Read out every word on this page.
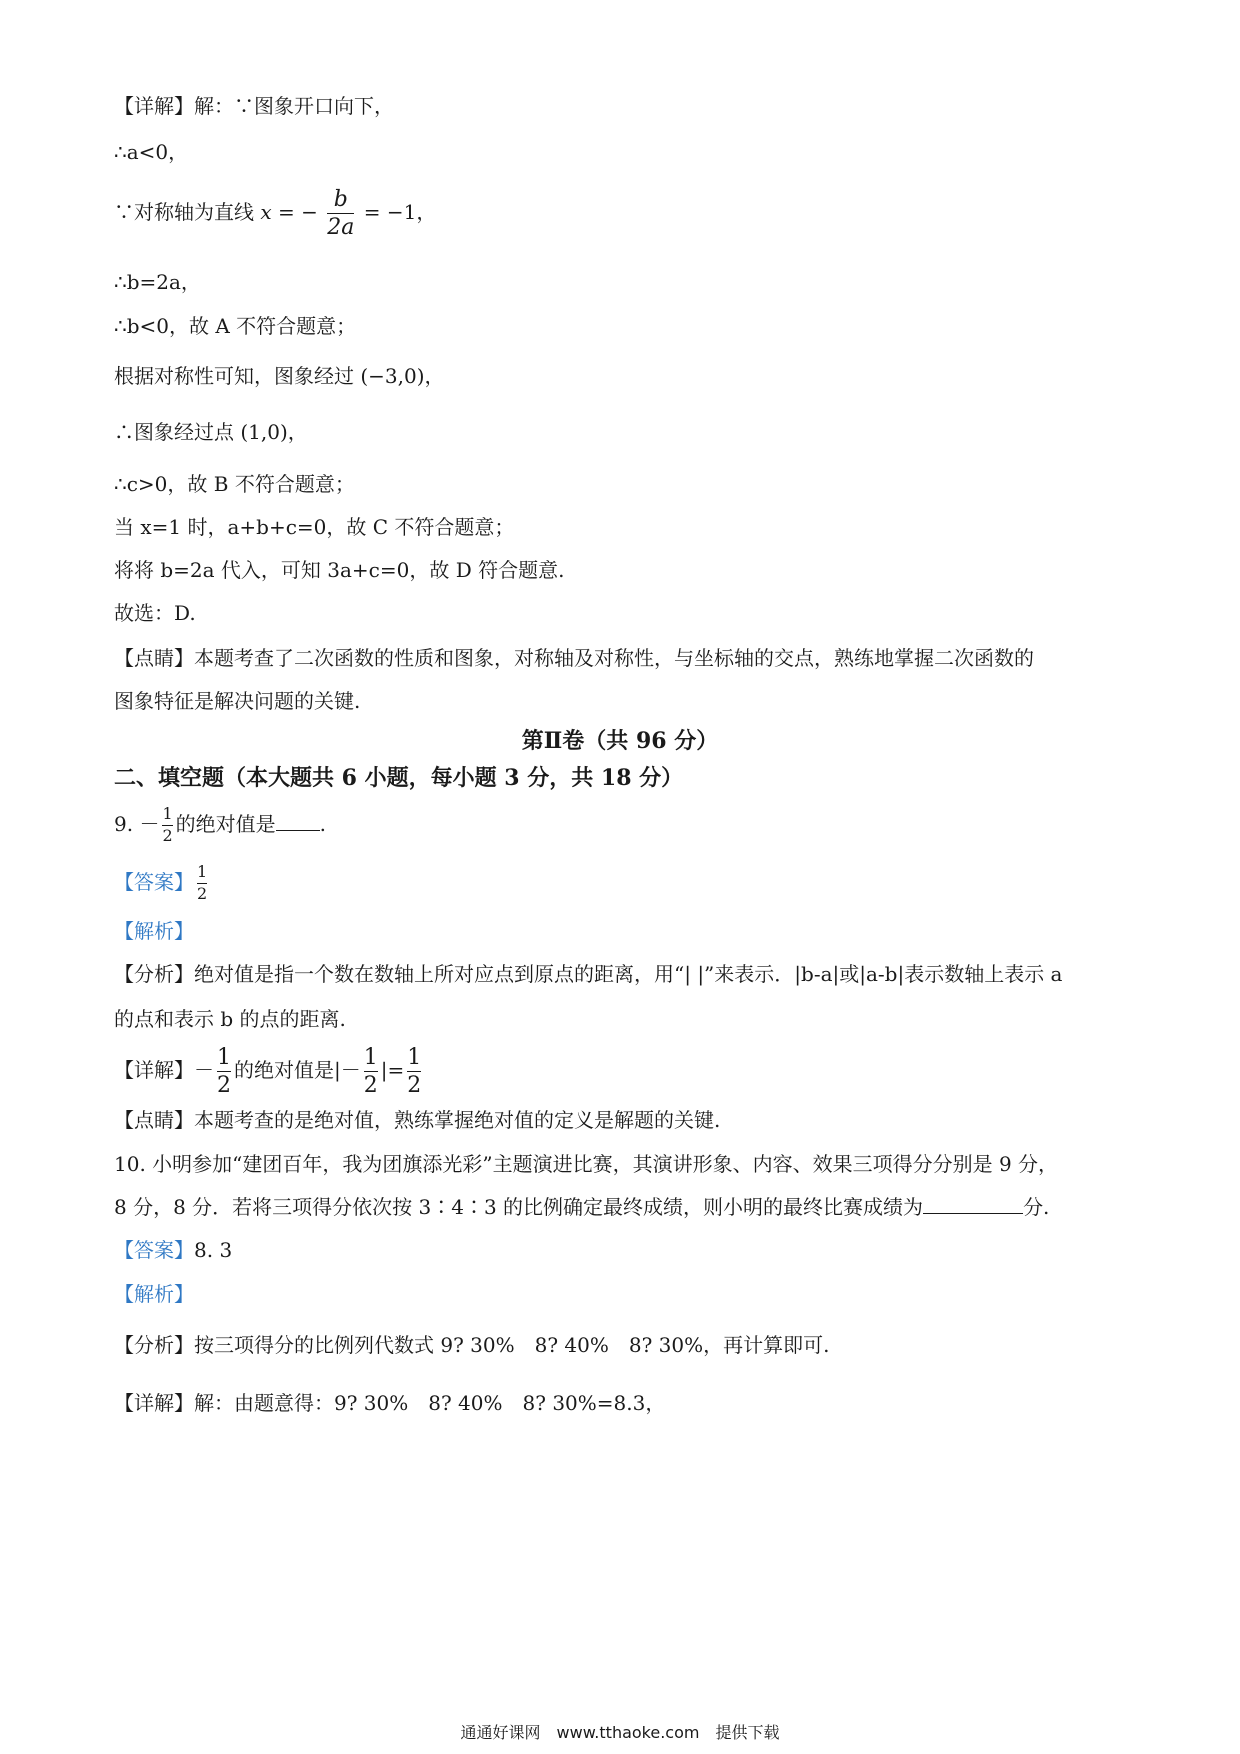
【详解】解：∵图象开口向下，
∴a<0，
∵对称轴为直线 x = − $\frac{b}{2a} = -1$，
∴b=2a，
∴b<0，故 A 不符合题意；
根据对称性可知，图象经过 (−3,0)，
∴图象经过点 (1,0)，
∴c>0，故 B 不符合题意；
当 x=1 时，a+b+c=0，故 C 不符合题意；
将将 b=2a 代入，可知 3a+c=0，故 D 符合题意.
故选：D.
【点睛】本题考查了二次函数的性质和图象，对称轴及对称性，与坐标轴的交点，熟练地掌握二次函数的
图象特征是解决问题的关键.
第Ⅱ卷（共 96 分）
二、填空题（本大题共 6 小题，每小题 3 分，共 18 分）
9. － $\frac{1}{2}$ 的绝对值是 .
【答案】 $\frac{1}{2}$
【解析】
【分析】绝对值是指一个数在数轴上所对应点到原点的距离，用“| |”来表示．|b-a|或|a-b|表示数轴上表示 a
的点和表示 b 的点的距离.
【详解】－ $\frac{1}{2}$ 的绝对值是|－ $\frac{1}{2}$ |= $\frac{1}{2}$
【点睛】本题考查的是绝对值，熟练掌握绝对值的定义是解题的关键.
10. 小明参加“建团百年，我为团旗添光彩”主题演进比赛，其演讲形象、内容、效果三项得分分别是 9 分，
8 分，8 分．若将三项得分依次按 3∶4∶3 的比例确定最终成绩，则小明的最终比赛成绩为	分.
【答案】8. 3
【解析】
【分析】按三项得分的比例列代数式 9? 30%　8? 40%　8? 30%，再计算即可.
【详解】解：由题意得：9? 30%　8? 40%　8? 30%=8.3，
通通好课网　www.tthaoke.com　提供下载
